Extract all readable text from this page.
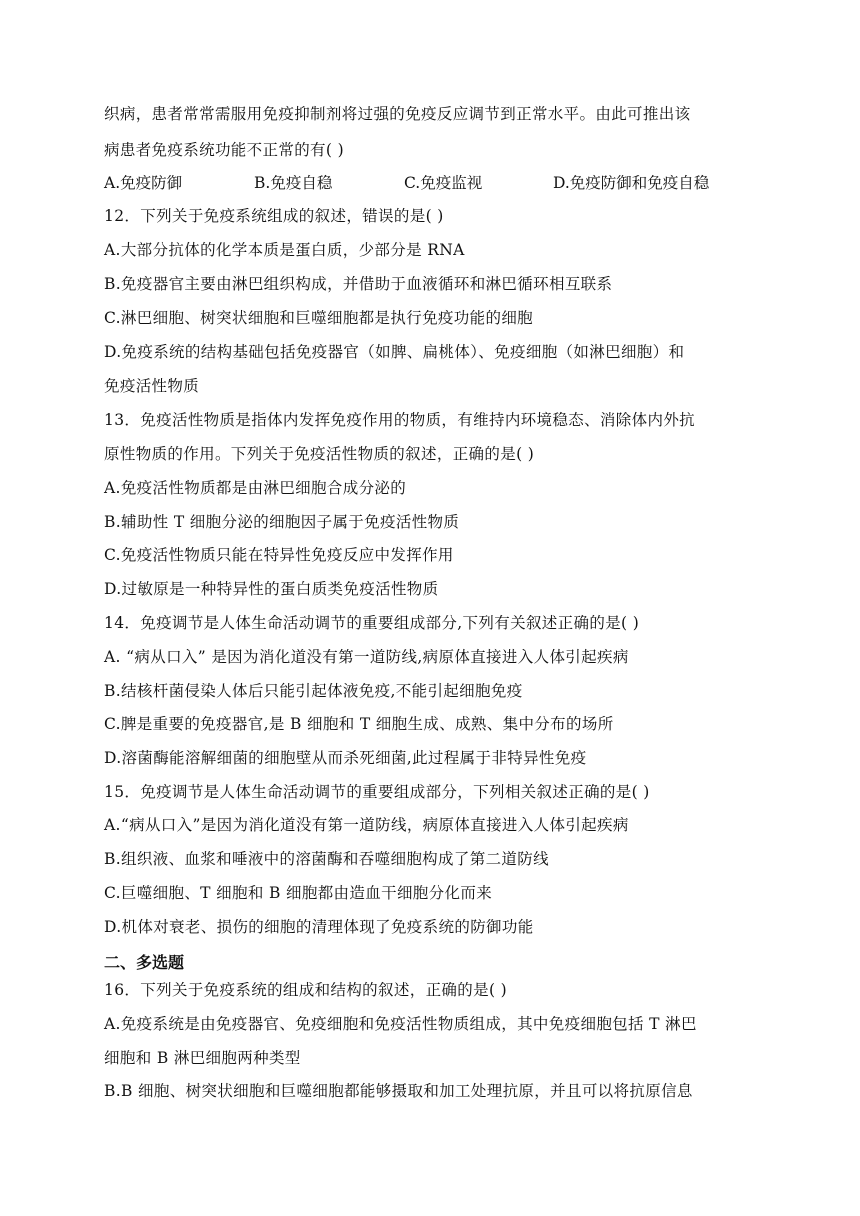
织病，患者常常需服用免疫抑制剂将过强的免疫反应调节到正常水平。由此可推出该
病患者免疫系统功能不正常的有( )
A.免疫防御	B.免疫自稳	C.免疫监视	D.免疫防御和免疫自稳
12．下列关于免疫系统组成的叙述，错误的是( )
A.大部分抗体的化学本质是蛋白质，少部分是 RNA
B.免疫器官主要由淋巴组织构成，并借助于血液循环和淋巴循环相互联系
C.淋巴细胞、树突状细胞和巨噬细胞都是执行免疫功能的细胞
D.免疫系统的结构基础包括免疫器官（如脾、扁桃体）、免疫细胞（如淋巴细胞）和
免疫活性物质
13．免疫活性物质是指体内发挥免疫作用的物质，有维持内环境稳态、消除体内外抗
原性物质的作用。下列关于免疫活性物质的叙述，正确的是( )
A.免疫活性物质都是由淋巴细胞合成分泌的
B.辅助性 T 细胞分泌的细胞因子属于免疫活性物质
C.免疫活性物质只能在特异性免疫反应中发挥作用
D.过敏原是一种特异性的蛋白质类免疫活性物质
14．免疫调节是人体生命活动调节的重要组成部分,下列有关叙述正确的是( )
A. “病从口入” 是因为消化道没有第一道防线,病原体直接进入人体引起疾病
B.结核杆菌侵染人体后只能引起体液免疫,不能引起细胞免疫
C.脾是重要的免疫器官,是 B 细胞和 T 细胞生成、成熟、集中分布的场所
D.溶菌酶能溶解细菌的细胞壁从而杀死细菌,此过程属于非特异性免疫
15．免疫调节是人体生命活动调节的重要组成部分，下列相关叙述正确的是( )
A.“病从口入”是因为消化道没有第一道防线，病原体直接进入人体引起疾病
B.组织液、血浆和唾液中的溶菌酶和吞噬细胞构成了第二道防线
C.巨噬细胞、T 细胞和 B 细胞都由造血干细胞分化而来
D.机体对衰老、损伤的细胞的清理体现了免疫系统的防御功能
二、多选题
16．下列关于免疫系统的组成和结构的叙述，正确的是( )
A.免疫系统是由免疫器官、免疫细胞和免疫活性物质组成，其中免疫细胞包括 T 淋巴
细胞和 B 淋巴细胞两种类型
B.B 细胞、树突状细胞和巨噬细胞都能够摄取和加工处理抗原，并且可以将抗原信息
